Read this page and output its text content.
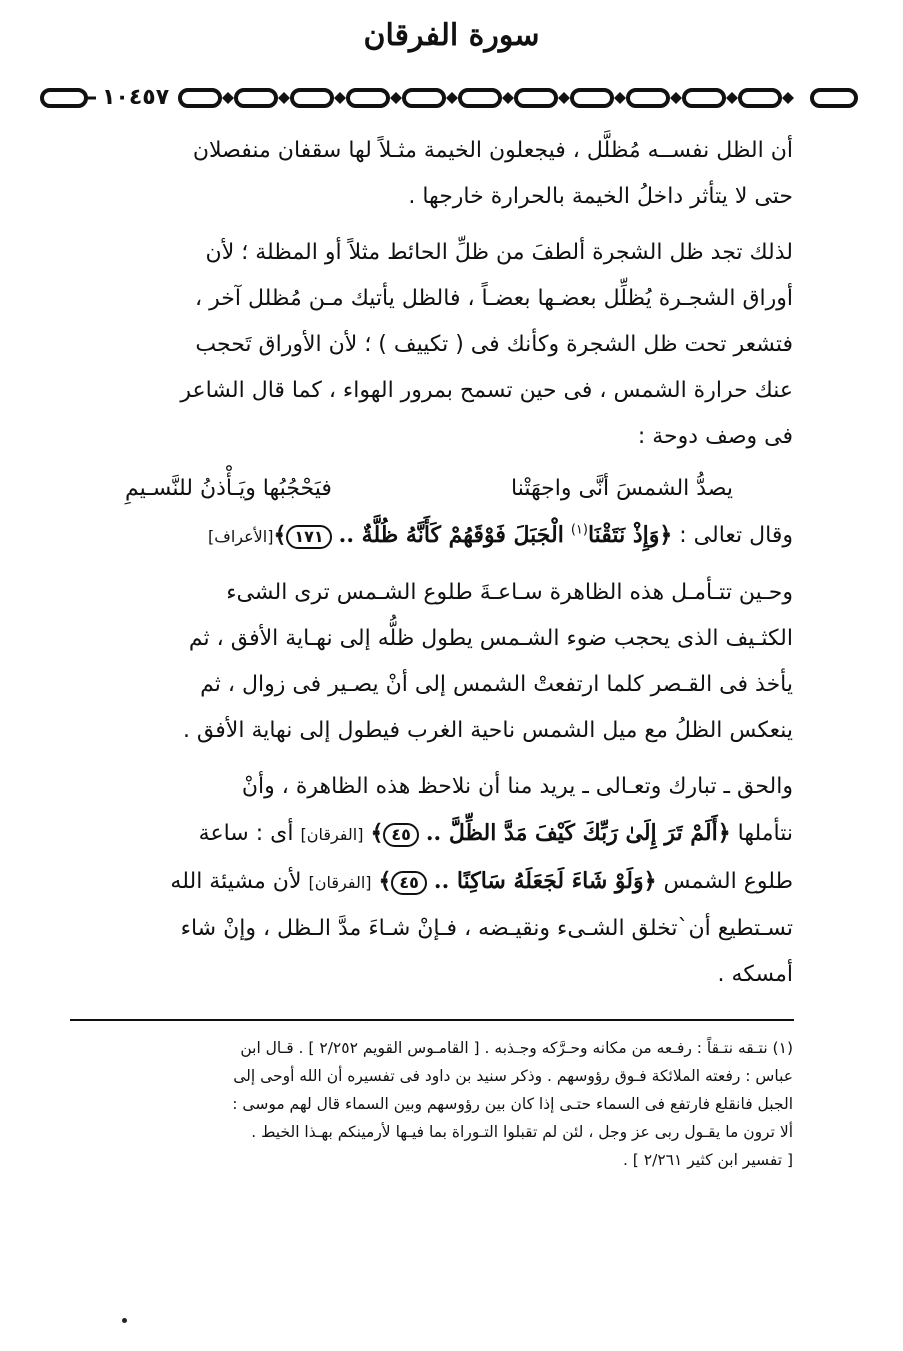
سورة الفرقان
١٠٤٥٧

أن الظل نفســه مُظلَّل ، فيجعلون الخيمة مثـلاً لها سقفان منفصلان

حتى لا يتأثر داخلُ الخيمة بالحرارة خارجها .

لذلك تجد ظل الشجرة ألطفَ من ظلِّ الحائط مثلاً أو المظلة ؛ لأن

أوراق الشجـرة يُظلِّل بعضـها بعضـاً ، فالظل يأتيك مـن مُظلل آخر ،

فتشعر تحت ظل الشجرة وكأنك فى ( تكييف ) ؛ لأن الأوراق تَحجب

عنك حرارة الشمس ، فى حين تسمح بمرور الهواء ، كما قال الشاعر

فى وصف دوحة :

يصدُّ الشمسَ أنَّى واجهَتْنا
فيَحْجُبُها ويَـأْذنُ للنَّسـيمِ

وقال تعالى : ﴿وَإِذْ نَتَقْنَا$^{(١)}$ الْجَبَلَ فَوْقَهُمْ كَأَنَّهُ ظُلَّةٌ .. ١٧١﴾[الأعراف]

وحـين تتـأمـل هذه الظاهرة سـاعـةَ طلوع الشـمس ترى الشىء

الكثـيف الذى يحجب ضوء الشـمس يطول ظلُّه إلى نهـاية الأفق ، ثم

يأخذ فى القـصر كلما ارتفعتْ الشمس إلى أنْ يصـير فى زوال ، ثم

ينعكس الظلُ مع ميل الشمس ناحية الغرب فيطول إلى نهاية الأفق .

والحق ـ تبارك وتعـالى ـ يريد منا أن نلاحظ هذه الظاهرة ، وأنْ

نتأملها ﴿أَلَمْ تَرَ إِلَىٰ رَبِّكَ كَيْفَ مَدَّ الظِّلَّ .. ٤٥﴾ [الفرقان] أى : ساعة

طلوع الشمس ﴿وَلَوْ شَاءَ لَجَعَلَهُ سَاكِنًا .. ٤٥﴾ [الفرقان] لأن مشيئة الله

تسـتطيع أن`تخلق الشـىء ونقيـضه ، فـإنْ شـاءَ مدَّ الـظل ، وإنْ شاء

أمسكه .

(١) نتـقه نتـقاً : رفـعه من مكانه وحـرَّكه وجـذبه . [ القامـوس القويم ٢/٢٥٢ ] . قـال ابن

عباس : رفعته الملائكة فـوق رؤوسهم . وذكر سنيد بن داود فى تفسيره أن الله أوحى إلى

الجبل فانقلع فارتفع فى السماء حتـى إذا كان بين رؤوسهم وبين السماء قال لهم موسى :

ألا ترون ما يقـول ربى عز وجل ، لئن لم تقبلوا التـوراة بما فيـها لأرمينكم بهـذا الخيط .

[ تفسير ابن كثير ٢/٢٦١ ] .
